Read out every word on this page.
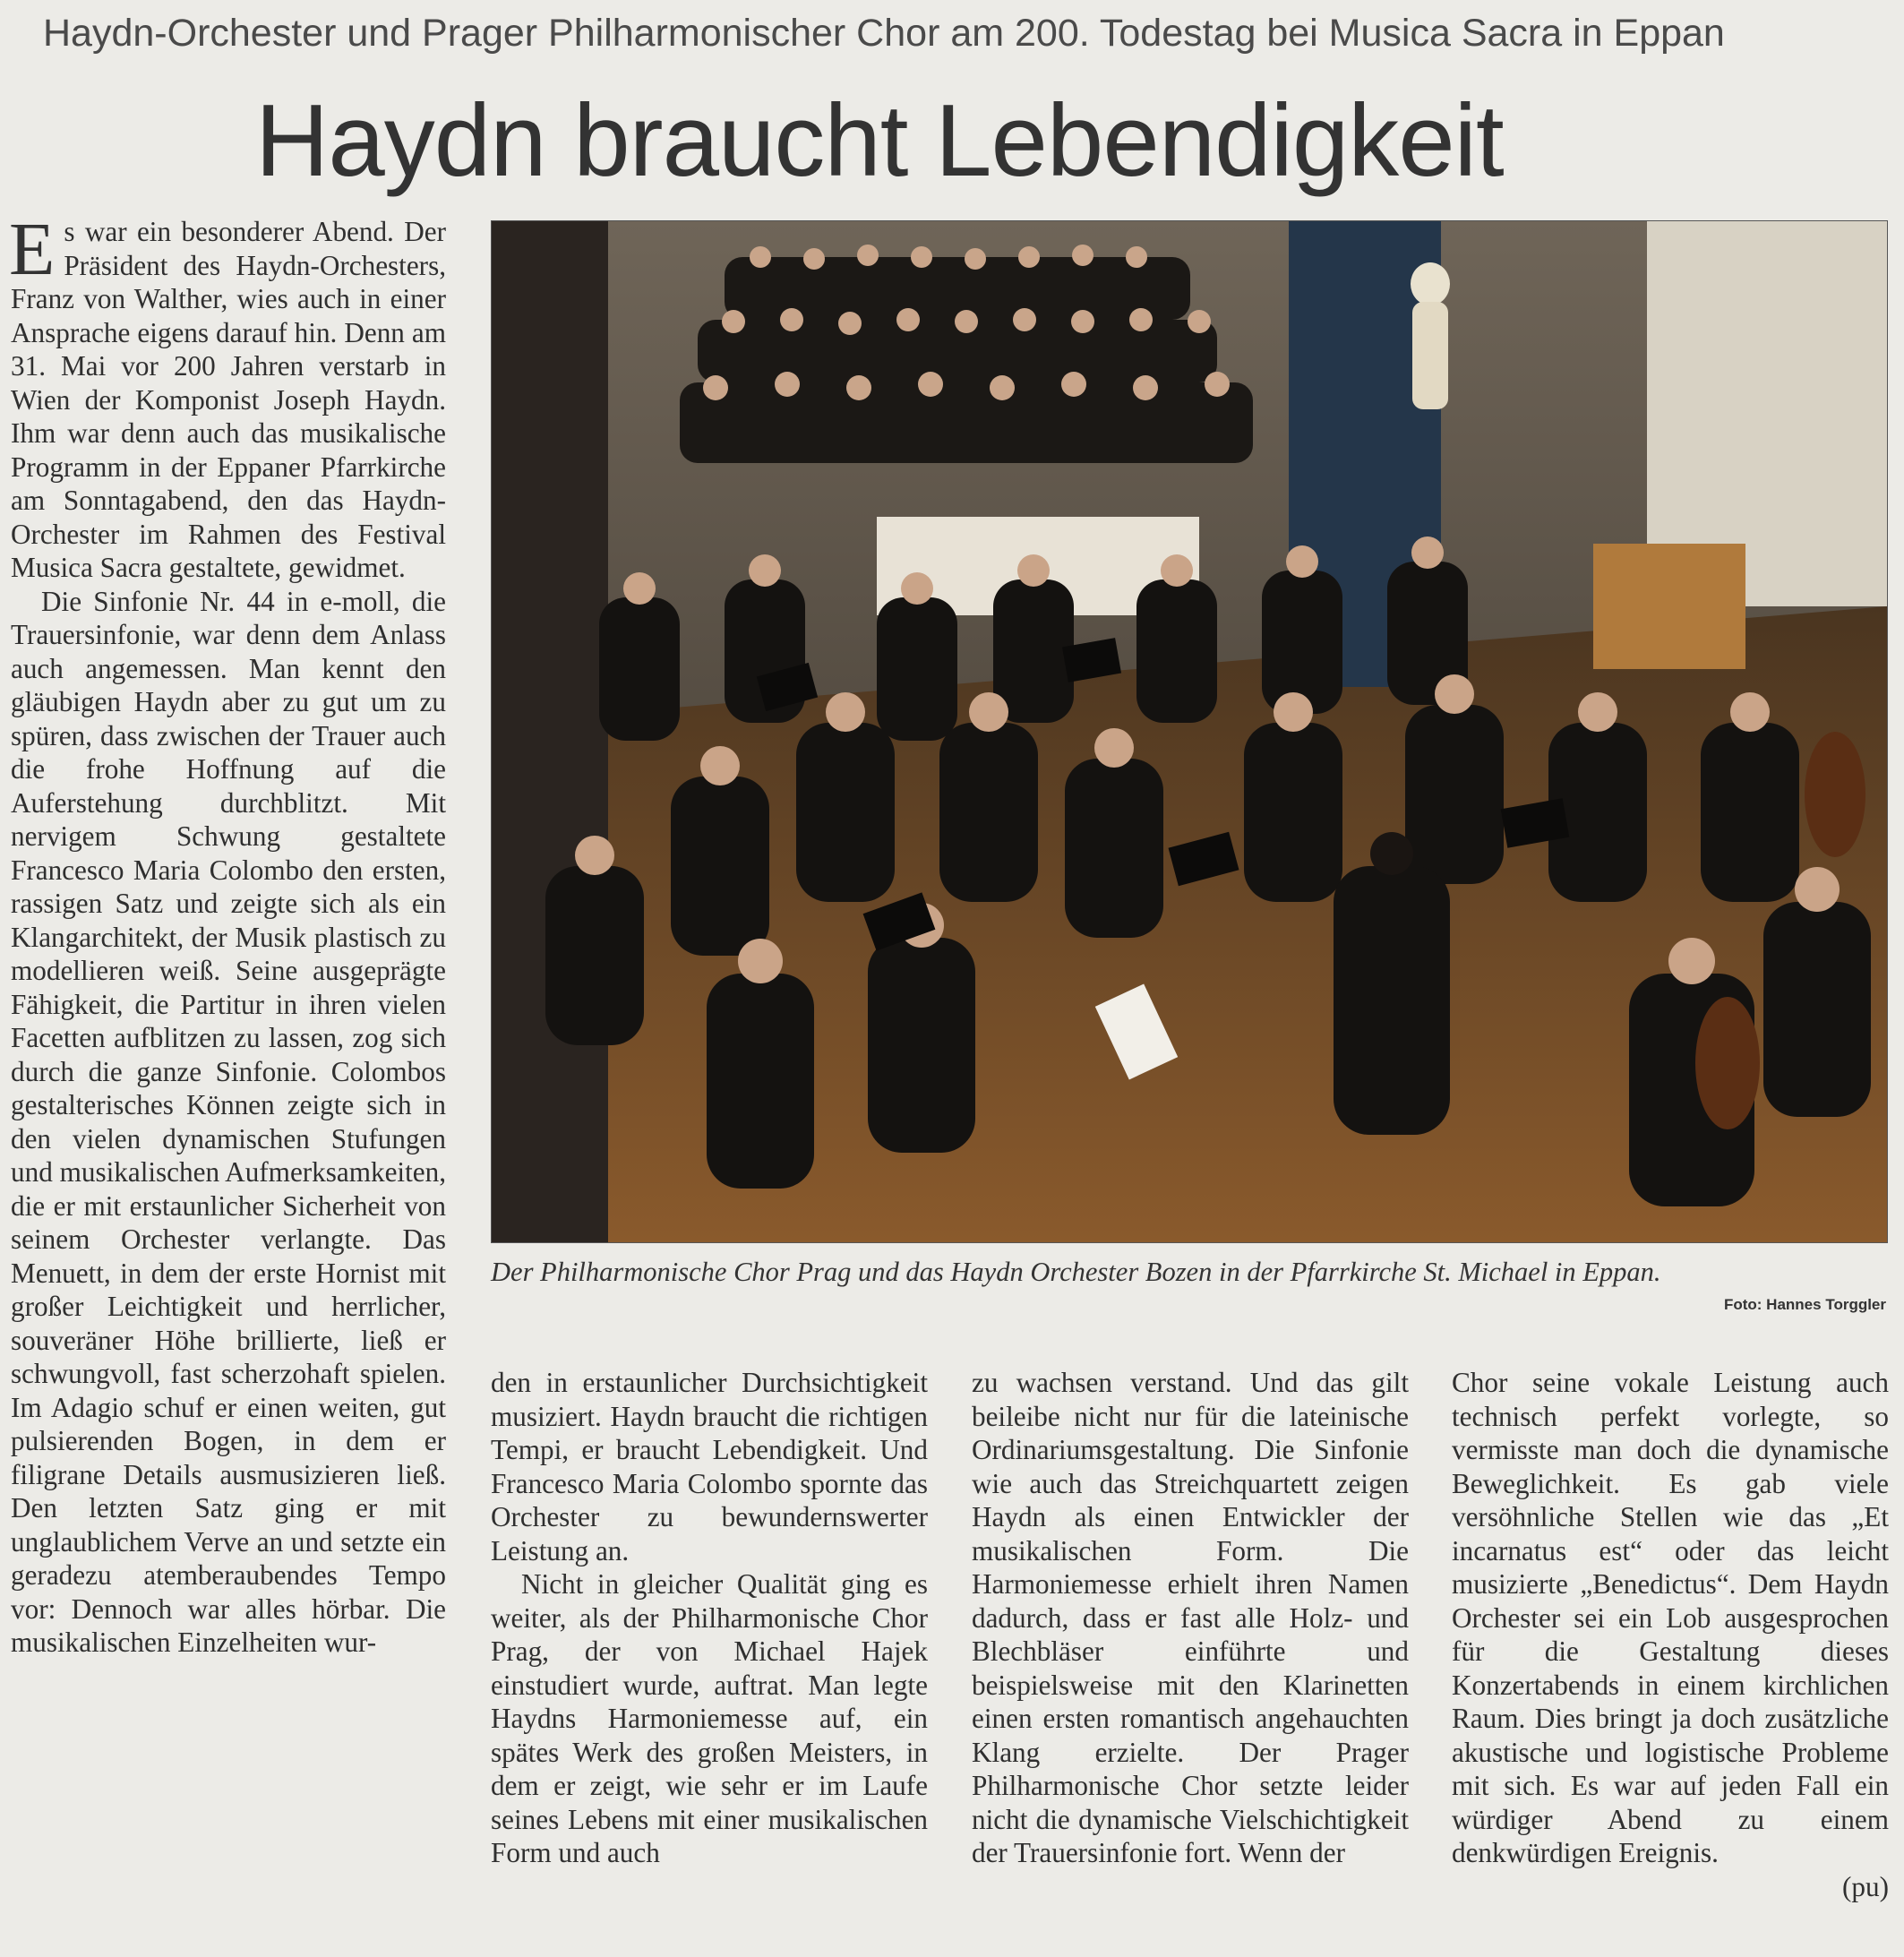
Haydn-Orchester und Prager Philharmonischer Chor am 200. Todestag bei Musica Sacra in Eppan
Haydn braucht Lebendigkeit

Es war ein besonderer Abend. Der Präsident des Haydn-Orchesters, Franz von Walther, wies auch in einer Ansprache eigens darauf hin. Denn am 31. Mai vor 200 Jahren verstarb in Wien der Komponist Joseph Haydn. Ihm war denn auch das musikalische Programm in der Eppaner Pfarrkirche am Sonntagabend, den das Haydn-Orchester im Rahmen des Festival Musica Sacra gestaltete, gewidmet.

Die Sinfonie Nr. 44 in e-moll, die Trauersinfonie, war denn dem Anlass auch angemessen. Man kennt den gläubigen Haydn aber zu gut um zu spüren, dass zwischen der Trauer auch die frohe Hoffnung auf die Auferstehung durchblitzt. Mit nervigem Schwung gestaltete Francesco Maria Colombo den ersten, rassigen Satz und zeigte sich als ein Klangarchitekt, der Musik plastisch zu modellieren weiß. Seine ausgeprägte Fähigkeit, die Partitur in ihren vielen Facetten aufblitzen zu lassen, zog sich durch die ganze Sinfonie. Colombos gestalterisches Können zeigte sich in den vielen dynamischen Stufungen und musikalischen Aufmerksamkeiten, die er mit erstaunlicher Sicherheit von seinem Orchester verlangte. Das Menuett, in dem der erste Hornist mit großer Leichtigkeit und herrlicher, souveräner Höhe brillierte, ließ er schwungvoll, fast scherzohaft spielen. Im Adagio schuf er einen weiten, gut pulsierenden Bogen, in dem er filigrane Details ausmusizieren ließ. Den letzten Satz ging er mit unglaublichem Verve an und setzte ein geradezu atemberaubendes Tempo vor: Dennoch war alles hörbar. Die musikalischen Einzelheiten wur-

Der Philharmonische Chor Prag und das Haydn Orchester Bozen in der Pfarrkirche St. Michael in Eppan.
Foto: Hannes Torggler

den in erstaunlicher Durchsichtigkeit musiziert. Haydn braucht die richtigen Tempi, er braucht Lebendigkeit. Und Francesco Maria Colombo spornte das Orchester zu bewundernswerter Leistung an.

Nicht in gleicher Qualität ging es weiter, als der Philharmonische Chor Prag, der von Michael Hajek einstudiert wurde, auftrat. Man legte Haydns Harmoniemesse auf, ein spätes Werk des großen Meisters, in dem er zeigt, wie sehr er im Laufe seines Lebens mit einer musikalischen Form und auch

zu wachsen verstand. Und das gilt beileibe nicht nur für die lateinische Ordinariumsgestaltung. Die Sinfonie wie auch das Streichquartett zeigen Haydn als einen Entwickler der musikalischen Form. Die Harmoniemesse erhielt ihren Namen dadurch, dass er fast alle Holz- und Blechbläser einführte und beispielsweise mit den Klarinetten einen ersten romantisch angehauchten Klang erzielte. Der Prager Philharmonische Chor setzte leider nicht die dynamische Vielschichtigkeit der Trauersinfonie fort. Wenn der

Chor seine vokale Leistung auch technisch perfekt vorlegte, so vermisste man doch die dynamische Beweglichkeit. Es gab viele versöhnliche Stellen wie das „Et incarnatus est“ oder das leicht musizierte „Benedictus“. Dem Haydn Orchester sei ein Lob ausgesprochen für die Gestaltung dieses Konzertabends in einem kirchlichen Raum. Dies bringt ja doch zusätzliche akustische und logistische Probleme mit sich. Es war auf jeden Fall ein würdiger Abend zu einem denkwürdigen Ereignis.

(pu)
